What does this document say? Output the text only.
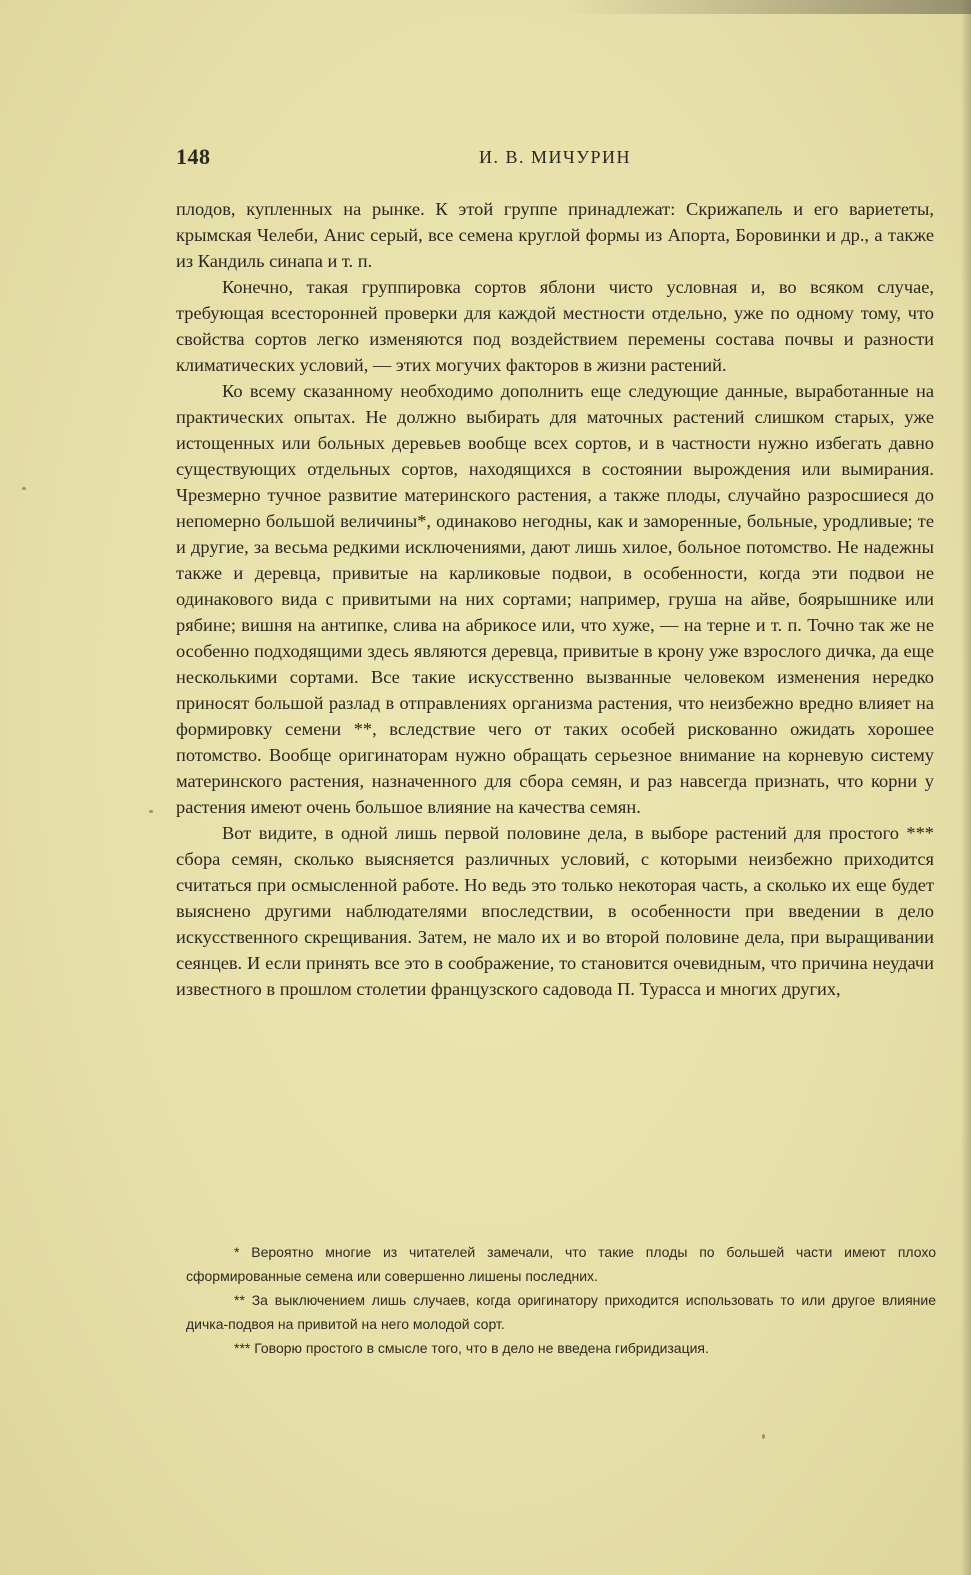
148	И. В. МИЧУРИН

плодов, купленных на рынке. К этой группе принадлежат: Скрижапель и его вариететы, крымская Челеби, Анис серый, все семена круглой формы из Апорта, Боровинки и др., а также из Кандиль синапа и т. п.

Конечно, такая группировка сортов яблони чисто условная и, во всяком случае, требующая всесторонней проверки для каждой местности отдельно, уже по одному тому, что свойства сортов легко изменяются под воздействием перемены состава почвы и разности климатических условий, — этих могучих факторов в жизни растений.

Ко всему сказанному необходимо дополнить еще следующие данные, выработанные на практических опытах. Не должно выбирать для маточных растений слишком старых, уже истощенных или больных деревьев вообще всех сортов, и в частности нужно избегать давно существующих отдельных сортов, находящихся в состоянии вырождения или вымирания. Чрезмерно тучное развитие материнского растения, а также плоды, случайно разросшиеся до непомерно большой величины*, одинаково негодны, как и заморенные, больные, уродливые; те и другие, за весьма редкими исключениями, дают лишь хилое, больное потомство. Не надежны также и деревца, привитые на карликовые подвои, в особенности, когда эти подвои не одинакового вида с привитыми на них сортами; например, груша на айве, боярышнике или рябине; вишня на антипке, слива на абрикосе или, что хуже, — на терне и т. п. Точно так же не особенно подходящими здесь являются деревца, привитые в крону уже взрослого дичка, да еще несколькими сортами. Все такие искусственно вызванные человеком изменения нередко приносят большой разлад в отправлениях организма растения, что неизбежно вредно влияет на формировку семени **, вследствие чего от таких особей рискованно ожидать хорошее потомство. Вообще оригинаторам нужно обращать серьезное внимание на корневую систему материнского растения, назначенного для сбора семян, и раз навсегда признать, что корни у растения имеют очень большое влияние на качества семян.

Вот видите, в одной лишь первой половине дела, в выборе растений для простого *** сбора семян, сколько выясняется различных условий, с которыми неизбежно приходится считаться при осмысленной работе. Но ведь это только некоторая часть, а сколько их еще будет выяснено другими наблюдателями впоследствии, в особенности при введении в дело искусственного скрещивания. Затем, не мало их и во второй половине дела, при выращивании сеянцев. И если принять все это в соображение, то становится очевидным, что причина неудачи известного в прошлом столетии французского садовода П. Турасса и многих других,

* Вероятно многие из читателей замечали, что такие плоды по большей части имеют плохо сформированные семена или совершенно лишены последних.

** За выключением лишь случаев, когда оригинатору приходится использовать то или другое влияние дичка-подвоя на привитой на него молодой сорт.

*** Говорю простого в смысле того, что в дело не введена гибридизация.
